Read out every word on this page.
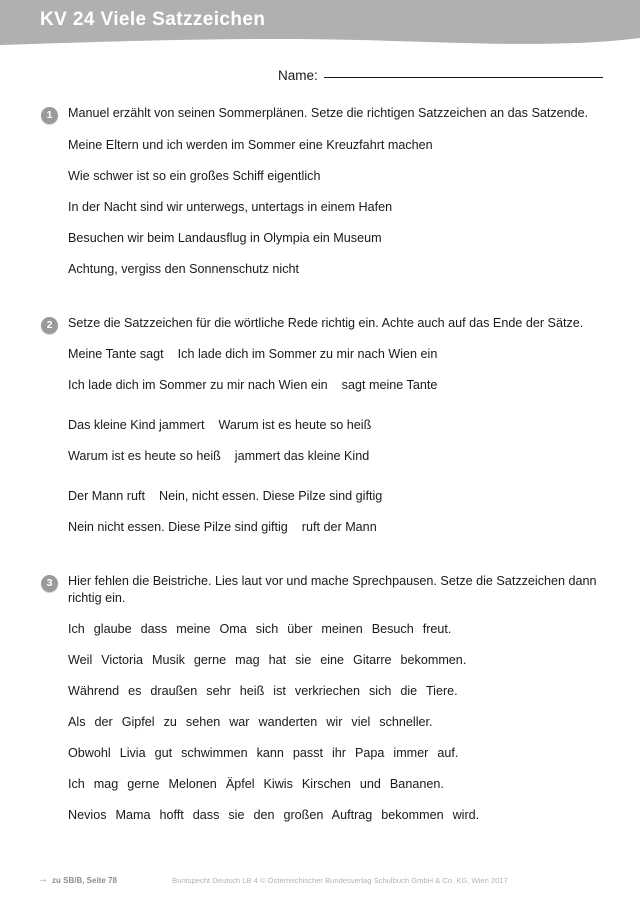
KV 24 Viele Satzzeichen
Name:
1	Manuel erzählt von seinen Sommerplänen. Setze die richtigen Satzzeichen an das Satzende.

Meine Eltern und ich werden im Sommer eine Kreuzfahrt machen
Wie schwer ist so ein großes Schiff eigentlich
In der Nacht sind wir unterwegs, untertags in einem Hafen
Besuchen wir beim Landausflug in Olympia ein Museum
Achtung, vergiss den Sonnenschutz nicht
2	Setze die Satzzeichen für die wörtliche Rede richtig ein. Achte auch auf das Ende der Sätze.

Meine Tante sagt    Ich lade dich im Sommer zu mir nach Wien ein
Ich lade dich im Sommer zu mir nach Wien ein    sagt meine Tante
Das kleine Kind jammert    Warum ist es heute so heiß
Warum ist es heute so heiß    jammert das kleine Kind
Der Mann ruft    Nein, nicht essen. Diese Pilze sind giftig
Nein nicht essen. Diese Pilze sind giftig    ruft der Mann
3	Hier fehlen die Beistriche. Lies laut vor und mache Sprechpausen. Setze die Satzzeichen dann richtig ein.

Ich glaube dass meine Oma sich über meinen Besuch freut.
Weil Victoria Musik gerne mag hat sie eine Gitarre bekommen.
Während es draußen sehr heiß ist verkriechen sich die Tiere.
Als der Gipfel zu sehen war wanderten wir viel schneller.
Obwohl Livia gut schwimmen kann passt ihr Papa immer auf.
Ich mag gerne Melonen Äpfel Kiwis Kirschen und Bananen.
Nevios Mama hofft dass sie den großen Auftrag bekommen wird.
→ zu SB/B, Seite 78	Buntspecht Deutsch LB 4 © Österreichischer Bundesverlag Schulbuch GmbH & Co. KG, Wien 2017
